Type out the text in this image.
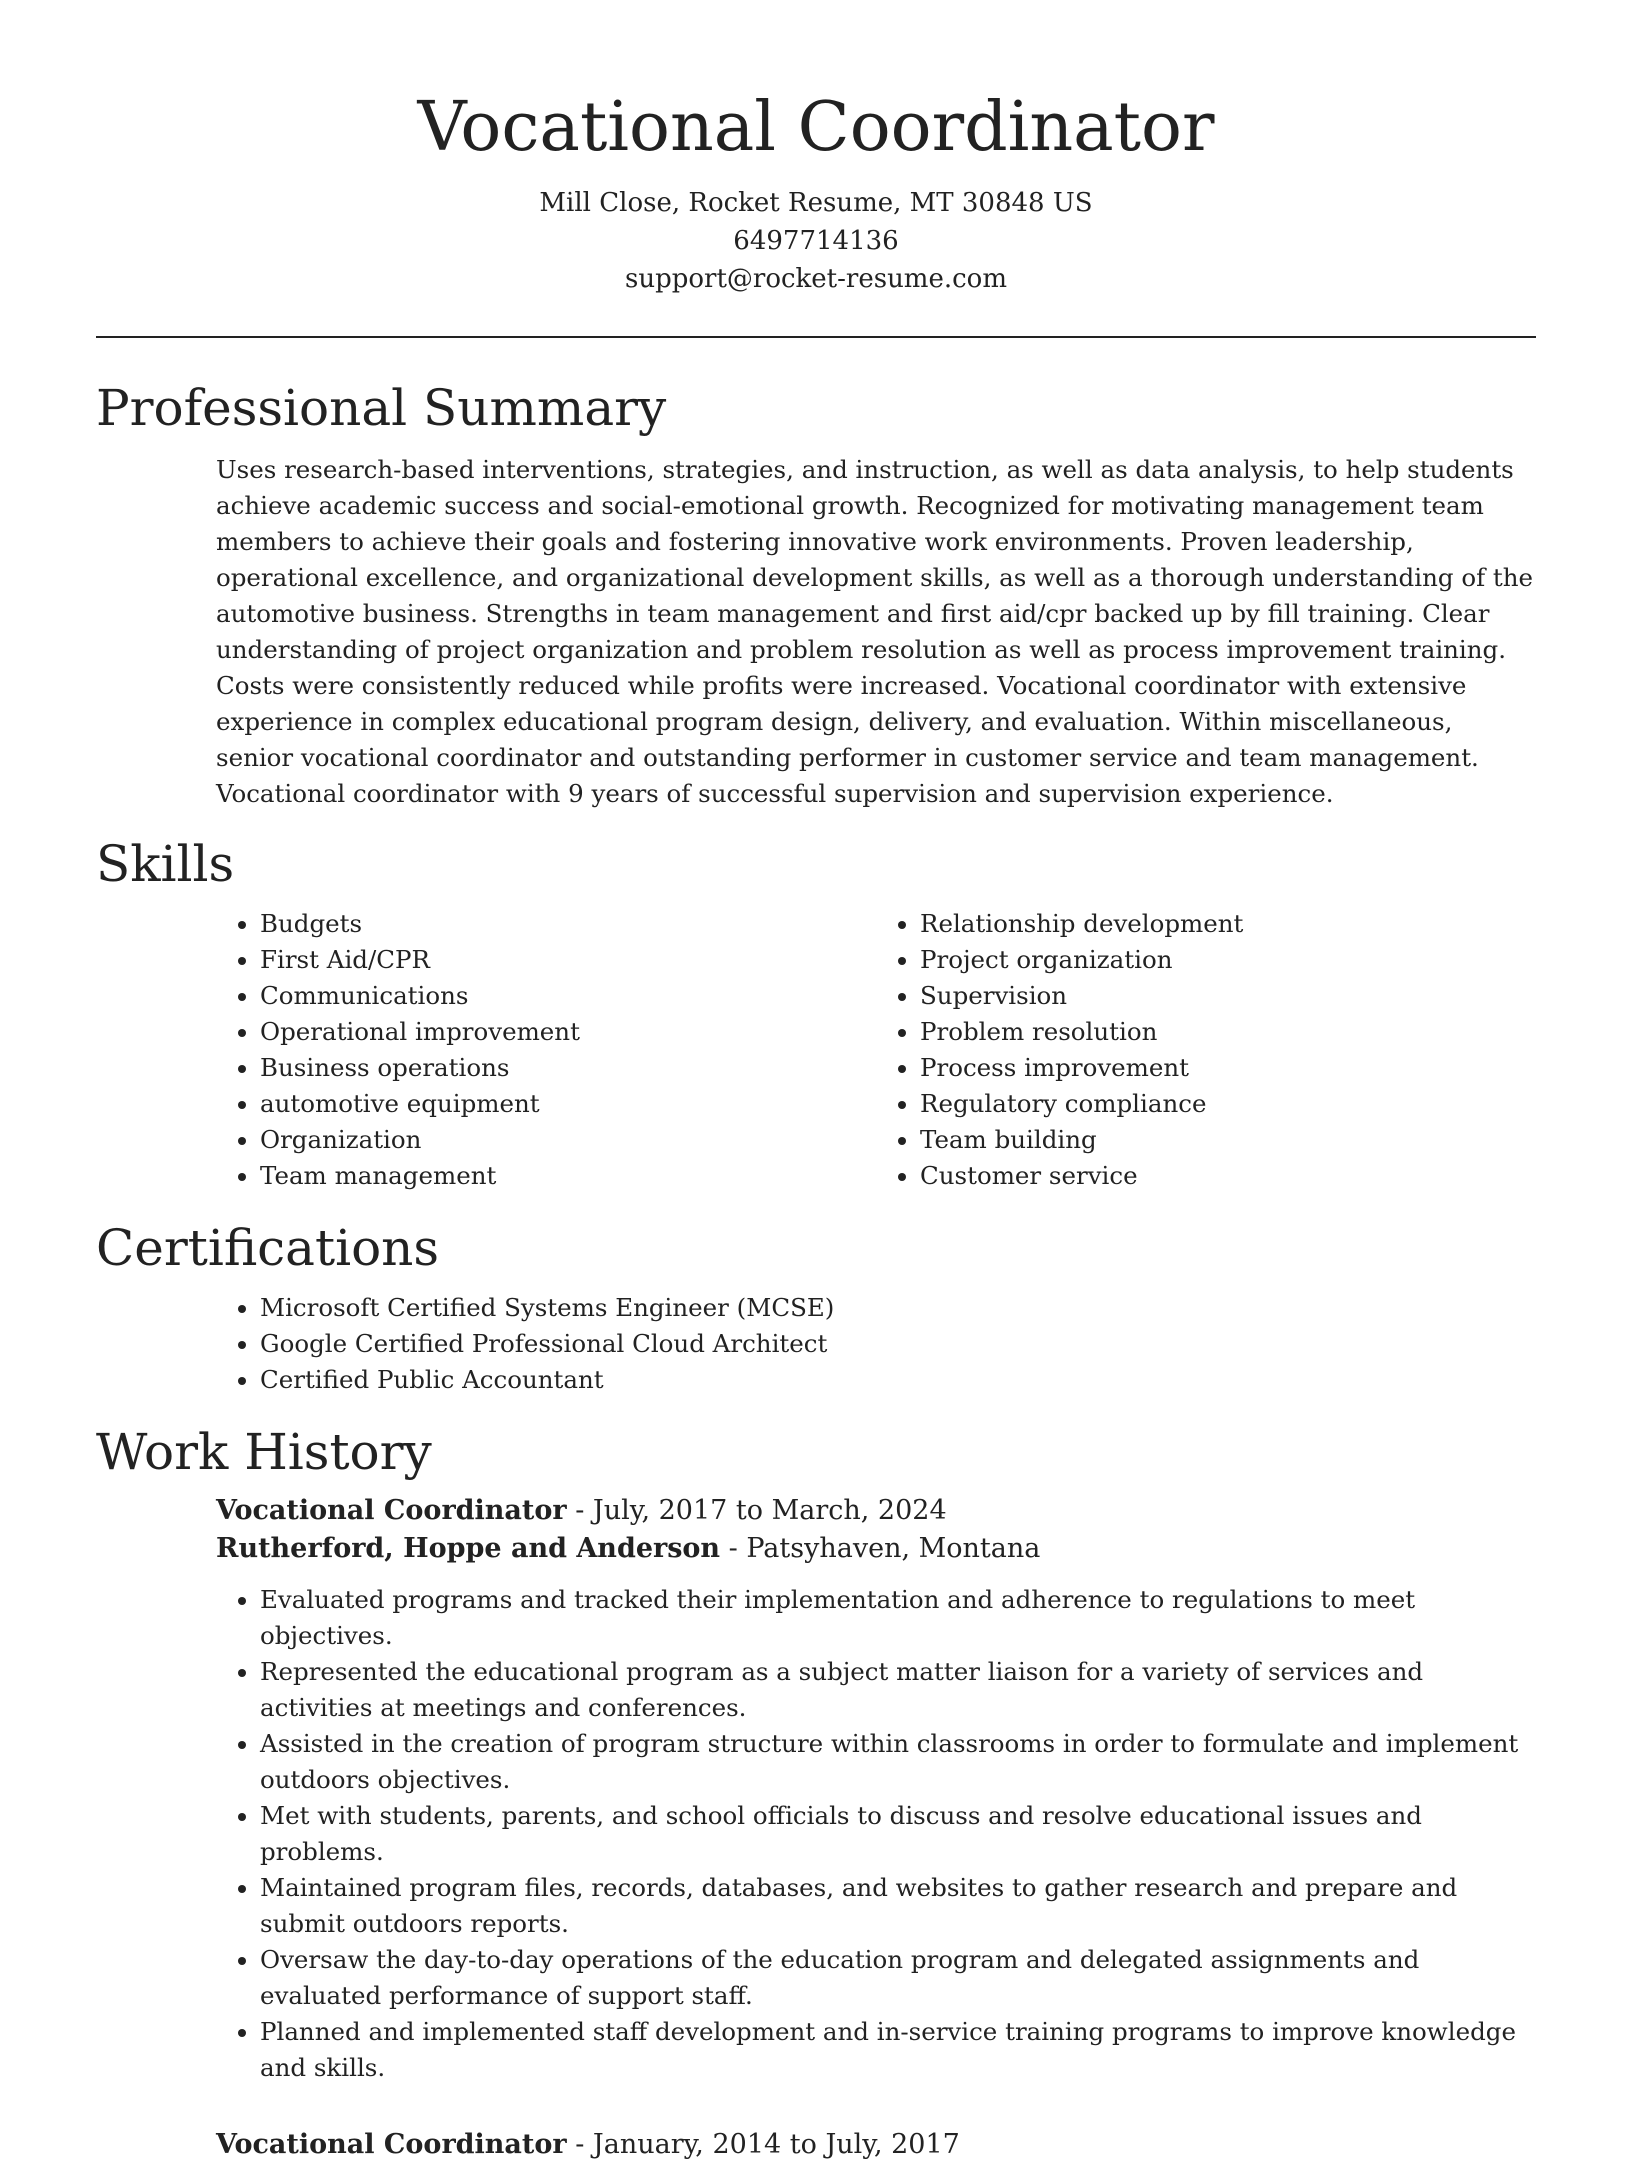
Vocational Coordinator
Mill Close, Rocket Resume, MT 30848 US
6497714136
support@rocket-resume.com
Professional Summary

Uses research-based interventions, strategies, and instruction, as well as data analysis, to help students achieve academic success and social-emotional growth. Recognized for motivating management team members to achieve their goals and fostering innovative work environments. Proven leadership, operational excellence, and organizational development skills, as well as a thorough understanding of the automotive business. Strengths in team management and first aid/cpr backed up by fill training. Clear understanding of project organization and problem resolution as well as process improvement training. Costs were consistently reduced while profits were increased. Vocational coordinator with extensive experience in complex educational program design, delivery, and evaluation. Within miscellaneous, senior vocational coordinator and outstanding performer in customer service and team management. Vocational coordinator with 9 years of successful supervision and supervision experience.

Skills
• Budgets
• First Aid/CPR
• Communications
• Operational improvement
• Business operations
• automotive equipment
• Organization
• Team management
• Relationship development
• Project organization
• Supervision
• Problem resolution
• Process improvement
• Regulatory compliance
• Team building
• Customer service
Certifications
• Microsoft Certified Systems Engineer (MCSE)
• Google Certified Professional Cloud Architect
• Certified Public Accountant
Work History
Vocational Coordinator - July, 2017 to March, 2024
Rutherford, Hoppe and Anderson - Patsyhaven, Montana
• Evaluated programs and tracked their implementation and adherence to regulations to meet objectives.
• Represented the educational program as a subject matter liaison for a variety of services and activities at meetings and conferences.
• Assisted in the creation of program structure within classrooms in order to formulate and implement outdoors objectives.
• Met with students, parents, and school officials to discuss and resolve educational issues and problems.
• Maintained program files, records, databases, and websites to gather research and prepare and submit outdoors reports.
• Oversaw the day-to-day operations of the education program and delegated assignments and evaluated performance of support staff.
• Planned and implemented staff development and in-service training programs to improve knowledge and skills.
Vocational Coordinator - January, 2014 to July, 2017
